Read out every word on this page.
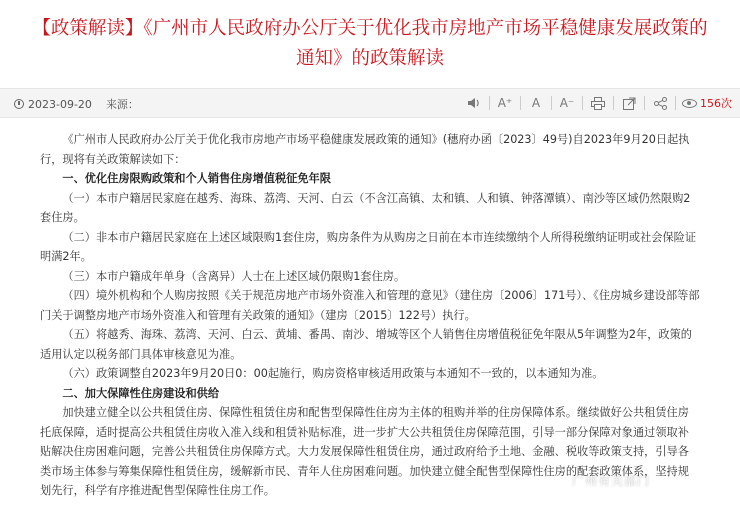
【政策解读】《广州市人民政府办公厅关于优化我市房地产市场平稳健康发展政策的通知》的政策解读
2023-09-20 来源：	A⁺	A	A⁻	156次

《广州市人民政府办公厅关于优化我市房地产市场平稳健康发展政策的通知》(穗府办函〔2023〕49号)自2023年9月20日起执行，现将有关政策解读如下：

一、优化住房限购政策和个人销售住房增值税征免年限

（一）本市户籍居民家庭在越秀、海珠、荔湾、天河、白云（不含江高镇、太和镇、人和镇、钟落潭镇）、南沙等区域仍然限购2套住房。

（二）非本市户籍居民家庭在上述区域限购1套住房，购房条件为从购房之日前在本市连续缴纳个人所得税缴纳证明或社会保险证明满2年。

（三）本市户籍成年单身（含离异）人士在上述区域仍限购1套住房。

（四）境外机构和个人购房按照《关于规范房地产市场外资准入和管理的意见》（建住房〔2006〕171号）、《住房城乡建设部等部门关于调整房地产市场外资准入和管理有关政策的通知》（建房〔2015〕122号）执行。

（五）将越秀、海珠、荔湾、天河、白云、黄埔、番禺、南沙、增城等区个人销售住房增值税征免年限从5年调整为2年，政策的适用认定以税务部门具体审核意见为准。

（六）政策调整自2023年9月20日0：00起施行，购房资格审核适用政策与本通知不一致的，以本通知为准。

二、加大保障性住房建设和供给

加快建立健全以公共租赁住房、保障性租赁住房和配售型保障性住房为主体的租购并举的住房保障体系。继续做好公共租赁住房托底保障，适时提高公共租赁住房收入准入线和租赁补贴标准，进一步扩大公共租赁住房保障范围，引导一部分保障对象通过领取补贴解决住房困难问题，完善公共租赁住房保障方式。大力发展保障性租赁住房，通过政府给予土地、金融、税收等政策支持，引导各类市场主体参与筹集保障性租赁住房，缓解新市民、青年人住房困难问题。加快建立健全配售型保障性住房的配套政策体系，坚持规划先行，科学有序推进配售型保障性住房工作。

广州有关部门
